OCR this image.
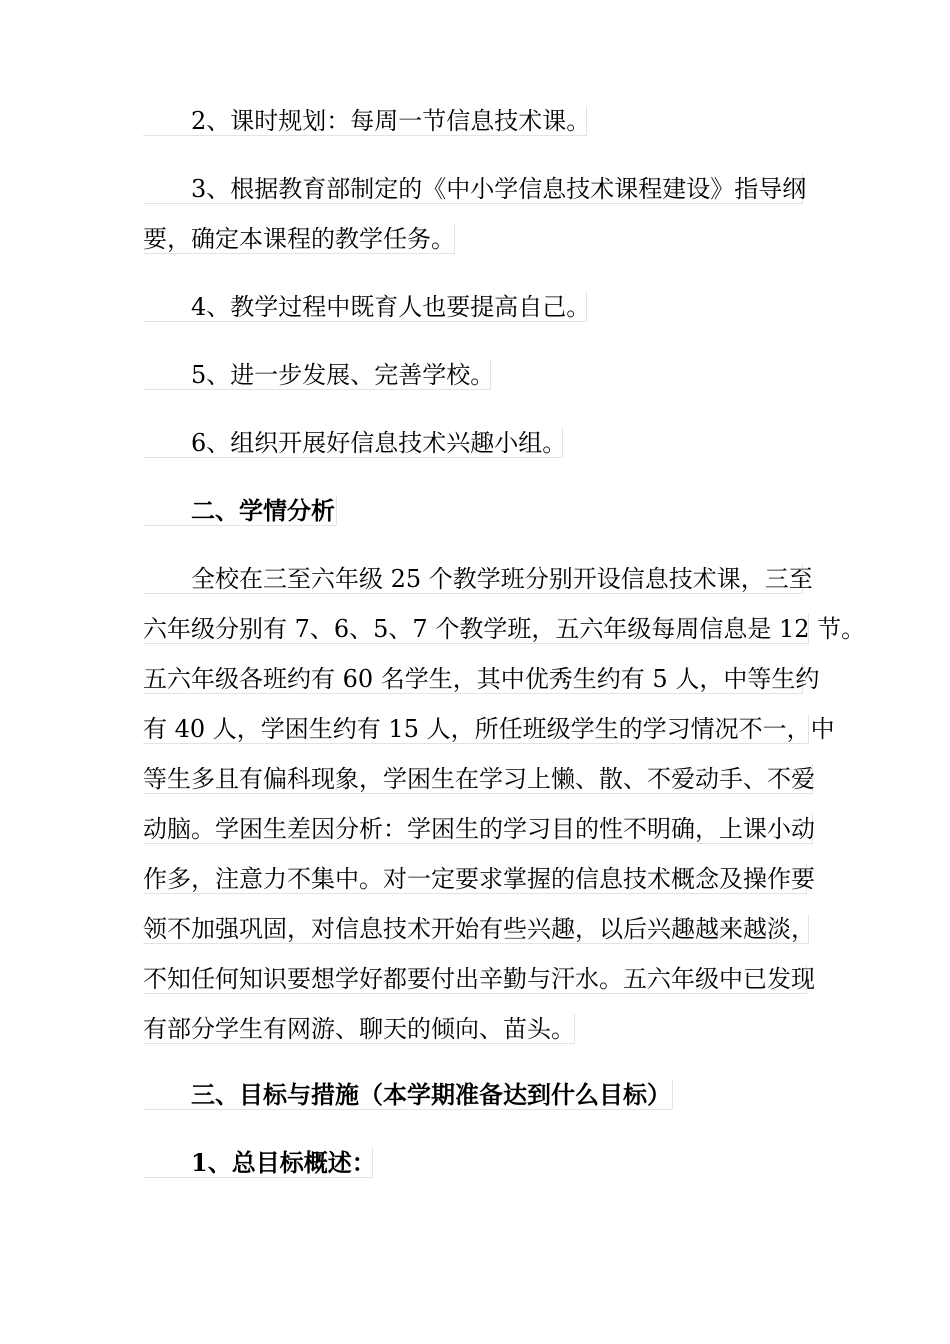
2、课时规划：每周一节信息技术课。
3、根据教育部制定的《中小学信息技术课程建设》指导纲
要，确定本课程的教学任务。
4、教学过程中既育人也要提高自己。
5、进一步发展、完善学校。
6、组织开展好信息技术兴趣小组。
二、学情分析
全校在三至六年级 25 个教学班分别开设信息技术课，三至
六年级分别有 7、6、5、7 个教学班，五六年级每周信息是 12 节。
五六年级各班约有 60 名学生，其中优秀生约有 5 人，中等生约
有 40 人，学困生约有 15 人，所任班级学生的学习情况不一，中
等生多且有偏科现象，学困生在学习上懒、散、不爱动手、不爱
动脑。学困生差因分析：学困生的学习目的性不明确，上课小动
作多，注意力不集中。对一定要求掌握的信息技术概念及操作要
领不加强巩固，对信息技术开始有些兴趣，以后兴趣越来越淡，
不知任何知识要想学好都要付出辛勤与汗水。五六年级中已发现
有部分学生有网游、聊天的倾向、苗头。
三、目标与措施（本学期准备达到什么目标）
1、总目标概述：
